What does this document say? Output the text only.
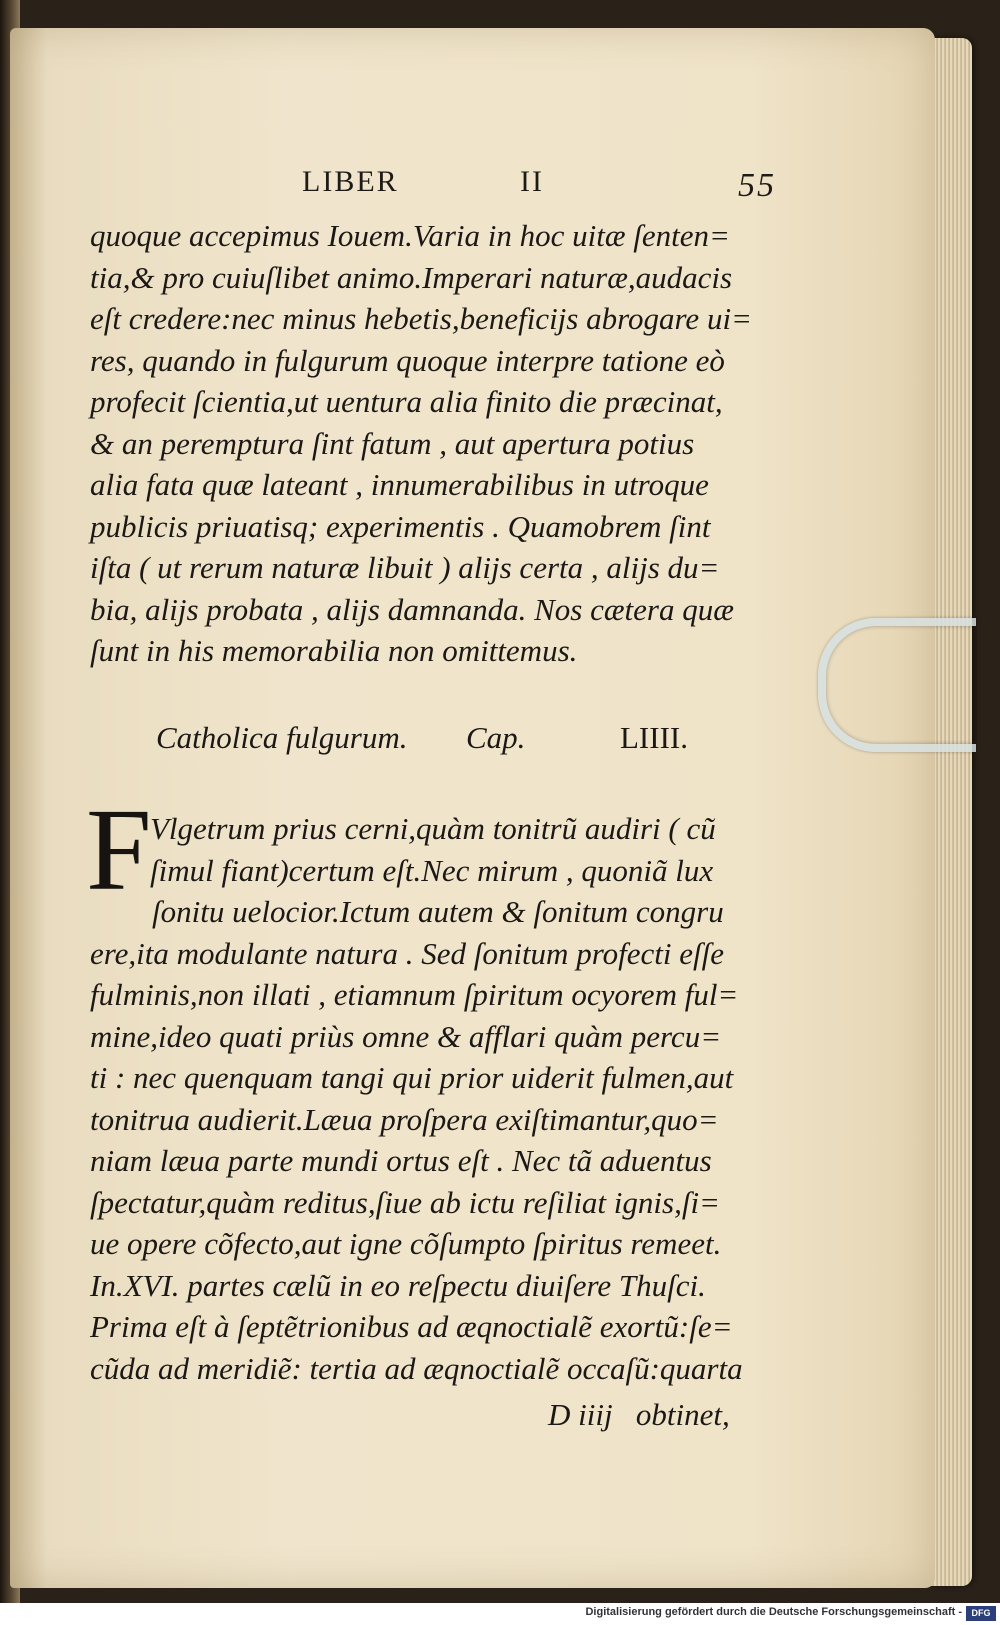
LIBER	II	55
quoque accepimus Iouem.Varia in hoc uitæ ſenten=
tia,& pro cuiuſlibet animo.Imperari naturæ,audacis
eſt credere:nec minus hebetis,beneficijs abrogare ui=
res, quando in fulgurum quoque interpre tatione eò
profecit ſcientia,ut uentura alia finito die præcinat,
& an peremptura ſint fatum , aut apertura potius
alia fata quæ lateant , innumerabilibus in utroque
publicis priuatisq; experimentis . Quamobrem ſint
iſta ( ut rerum naturæ libuit ) alijs certa , alijs du=
bia, alijs probata , alijs damnanda. Nos cætera quæ
ſunt in his memorabilia non omittemus.
Catholica fulgurum. Cap.	LIIII.
F
Vlgetrum prius cerni,quàm tonitrũ audiri ( cũ
ſimul fiant)certum eſt.Nec mirum , quoniã lux
ſonitu uelocior.Ictum autem & ſonitum congru
ere,ita modulante natura . Sed ſonitum profecti eſſe
fulminis,non illati , etiamnum ſpiritum ocyorem ful=
mine,ideo quati priùs omne & afflari quàm percu=
ti : nec quenquam tangi qui prior uiderit fulmen,aut
tonitrua audierit.Læua proſpera exiſtimantur,quo=
niam læua parte mundi ortus eſt . Nec tã aduentus
ſpectatur,quàm reditus,ſiue ab ictu reſiliat ignis,ſi=
ue opere cõfecto,aut igne cõſumpto ſpiritus remeet.
In.XVI. partes cælũ in eo reſpectu diuiſere Thuſci.
Prima eſt à ſeptẽtrionibus ad æqnoctialẽ exortũ:ſe=
cũda ad meridiẽ: tertia ad æqnoctialẽ occaſũ:quarta
D iiij obtinet,
Digitalisierung gefördert durch die Deutsche Forschungsgemeinschaft -	DFG
